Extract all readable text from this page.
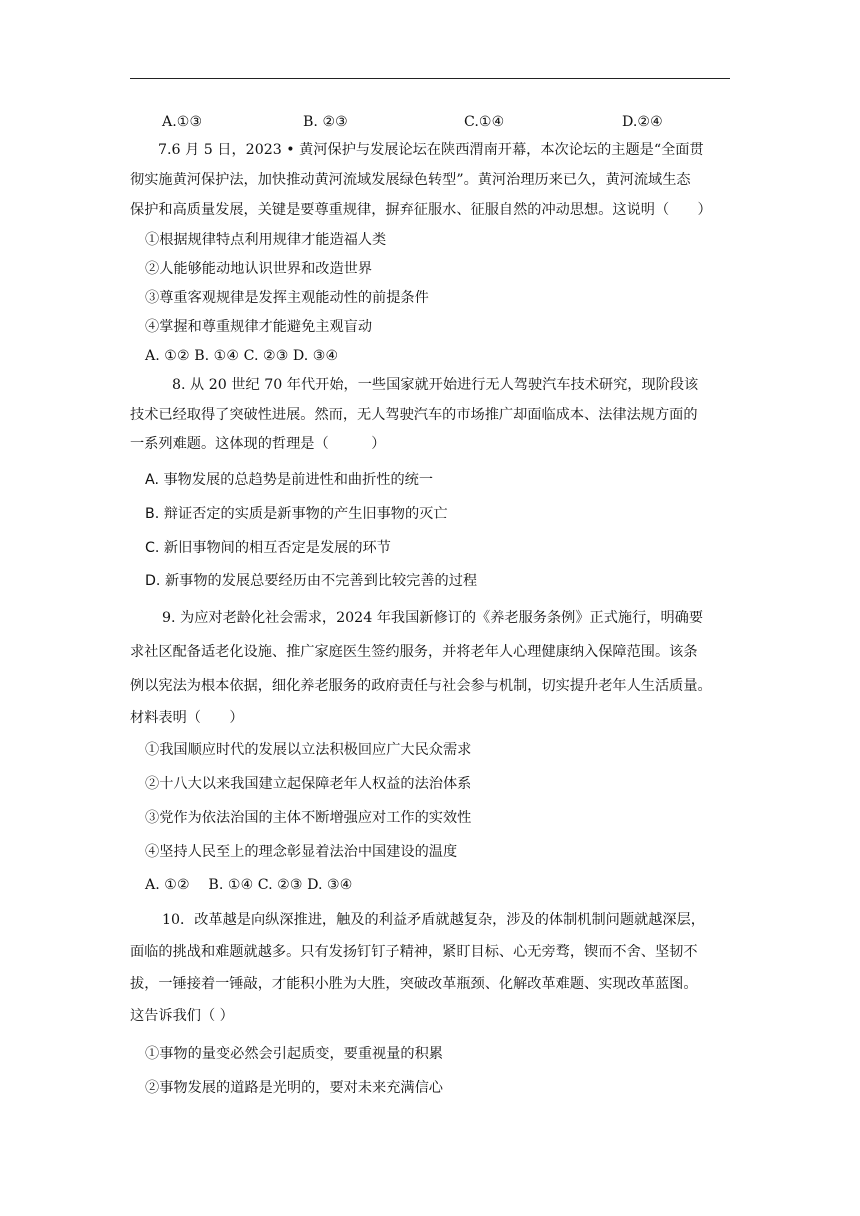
A.①③	B. ②③	C.①④	D.②④
7.6 月 5 日，2023 • 黄河保护与发展论坛在陕西渭南开幕，本次论坛的主题是“全面贯
彻实施黄河保护法，加快推动黄河流域发展绿色转型”。黄河治理历来已久，黄河流域生态
保护和高质量发展，关键是要尊重规律，摒弃征服水、征服自然的冲动思想。这说明（　　）
①根据规律特点利用规律才能造福人类
②人能够能动地认识世界和改造世界
③尊重客观规律是发挥主观能动性的前提条件
④掌握和尊重规律才能避免主观盲动
A. ①② B. ①④ C. ②③ D. ③④
8. 从 20 世纪 70 年代开始，一些国家就开始进行无人驾驶汽车技术研究，现阶段该
技术已经取得了突破性进展。然而，无人驾驶汽车的市场推广却面临成本、法律法规方面的
一系列难题。这体现的哲理是（　　　）
A. 事物发展的总趋势是前进性和曲折性的统一
B. 辩证否定的实质是新事物的产生旧事物的灭亡
C. 新旧事物间的相互否定是发展的环节
D. 新事物的发展总要经历由不完善到比较完善的过程
9. 为应对老龄化社会需求，2024 年我国新修订的《养老服务条例》正式施行，明确要
求社区配备适老化设施、推广家庭医生签约服务，并将老年人心理健康纳入保障范围。该条
例以宪法为根本依据，细化养老服务的政府责任与社会参与机制，切实提升老年人生活质量。
材料表明（　　）
①我国顺应时代的发展以立法积极回应广大民众需求
②十八大以来我国建立起保障老年人权益的法治体系
③党作为依法治国的主体不断增强应对工作的实效性
④坚持人民至上的理念彰显着法治中国建设的温度
A. ①②　 B. ①④ C. ②③ D. ③④
10．改革越是向纵深推进，触及的利益矛盾就越复杂，涉及的体制机制问题就越深层，
面临的挑战和难题就越多。只有发扬钉钉子精神，紧盯目标、心无旁骛，锲而不舍、坚韧不
拔，一锤接着一锤敲，才能积小胜为大胜，突破改革瓶颈、化解改革难题、实现改革蓝图。
这告诉我们（ ）
①事物的量变必然会引起质变，要重视量的积累
②事物发展的道路是光明的，要对未来充满信心
